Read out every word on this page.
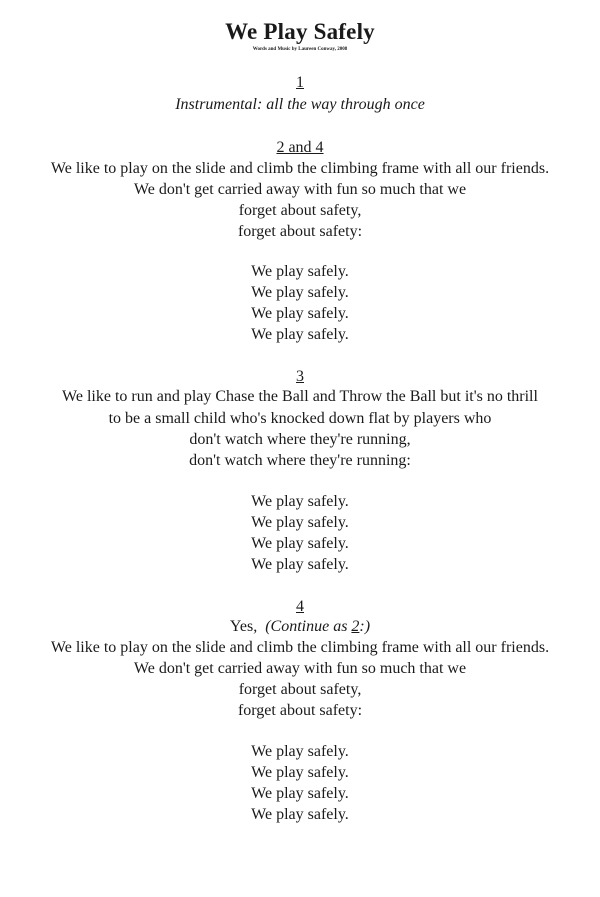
We Play Safely
Words and Music by Laureen Conway, 2008
1
Instrumental: all the way through once
2 and 4
We like to play on the slide and climb the climbing frame with all our friends.
We don't get carried away with fun so much that we
forget about safety,
forget about safety:
We play safely.
We play safely.
We play safely.
We play safely.
3
We like to run and play Chase the Ball and Throw the Ball but it's no thrill
to be a small child who's knocked down flat by players who
don't watch where they're running,
don't watch where they're running:
We play safely.
We play safely.
We play safely.
We play safely.
4
Yes, (Continue as 2:)
We like to play on the slide and climb the climbing frame with all our friends.
We don't get carried away with fun so much that we
forget about safety,
forget about safety:
We play safely.
We play safely.
We play safely.
We play safely.
